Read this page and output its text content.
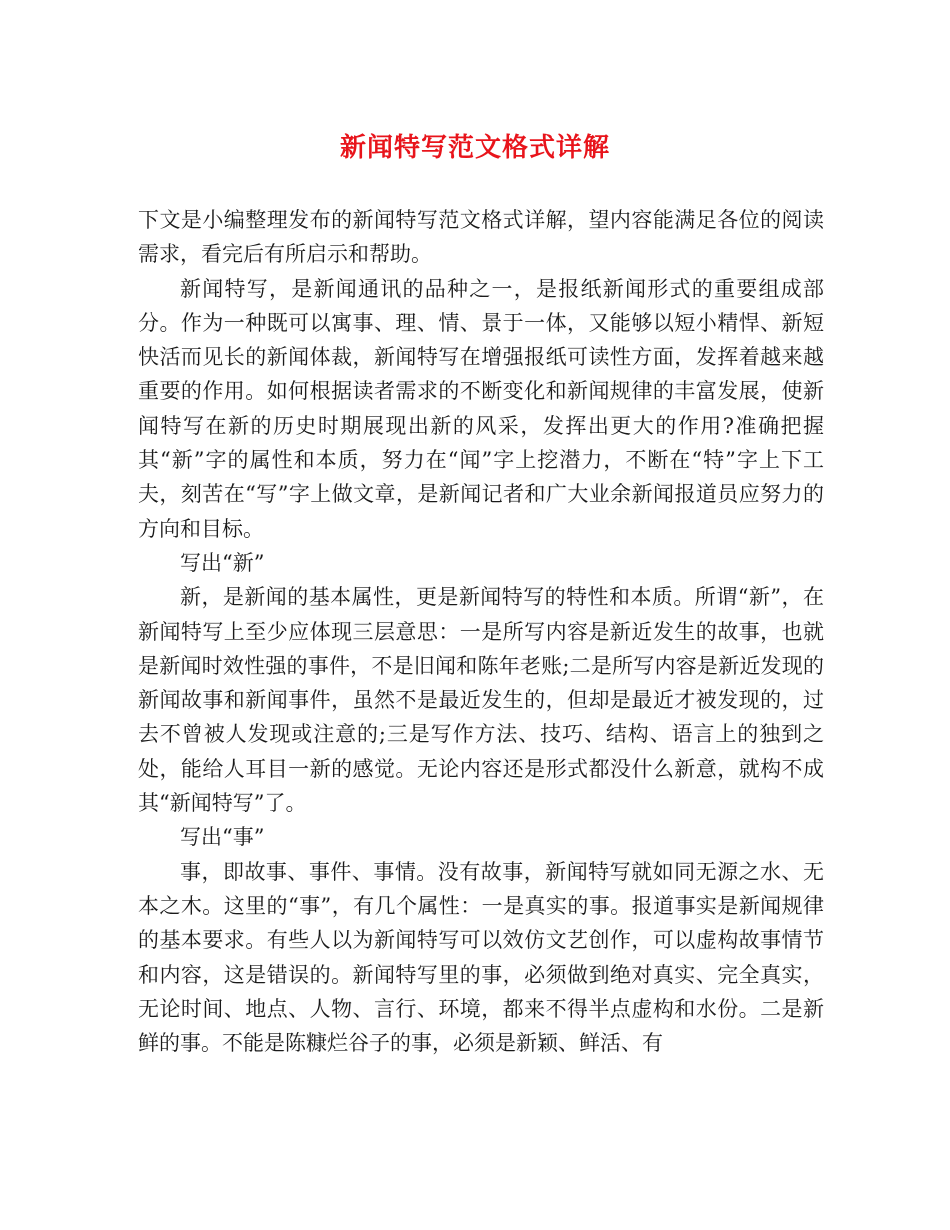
新闻特写范文格式详解

下文是小编整理发布的新闻特写范文格式详解，望内容能满足各位的阅读需求，看完后有所启示和帮助。

新闻特写，是新闻通讯的品种之一，是报纸新闻形式的重要组成部分。作为一种既可以寓事、理、情、景于一体，又能够以短小精悍、新短快活而见长的新闻体裁，新闻特写在增强报纸可读性方面，发挥着越来越重要的作用。如何根据读者需求的不断变化和新闻规律的丰富发展，使新闻特写在新的历史时期展现出新的风采，发挥出更大的作用?准确把握其“新”字的属性和本质，努力在“闻”字上挖潜力，不断在“特”字上下工夫，刻苦在“写”字上做文章，是新闻记者和广大业余新闻报道员应努力的方向和目标。

写出“新”

新，是新闻的基本属性，更是新闻特写的特性和本质。所谓“新”，在新闻特写上至少应体现三层意思：一是所写内容是新近发生的故事，也就是新闻时效性强的事件，不是旧闻和陈年老账;二是所写内容是新近发现的新闻故事和新闻事件，虽然不是最近发生的，但却是最近才被发现的，过去不曾被人发现或注意的;三是写作方法、技巧、结构、语言上的独到之处，能给人耳目一新的感觉。无论内容还是形式都没什么新意，就构不成其“新闻特写”了。

写出“事”

事，即故事、事件、事情。没有故事，新闻特写就如同无源之水、无本之木。这里的“事”，有几个属性：一是真实的事。报道事实是新闻规律的基本要求。有些人以为新闻特写可以效仿文艺创作，可以虚构故事情节和内容，这是错误的。新闻特写里的事，必须做到绝对真实、完全真实，无论时间、地点、人物、言行、环境，都来不得半点虚构和水份。二是新鲜的事。不能是陈糠烂谷子的事，必须是新颖、鲜活、有
